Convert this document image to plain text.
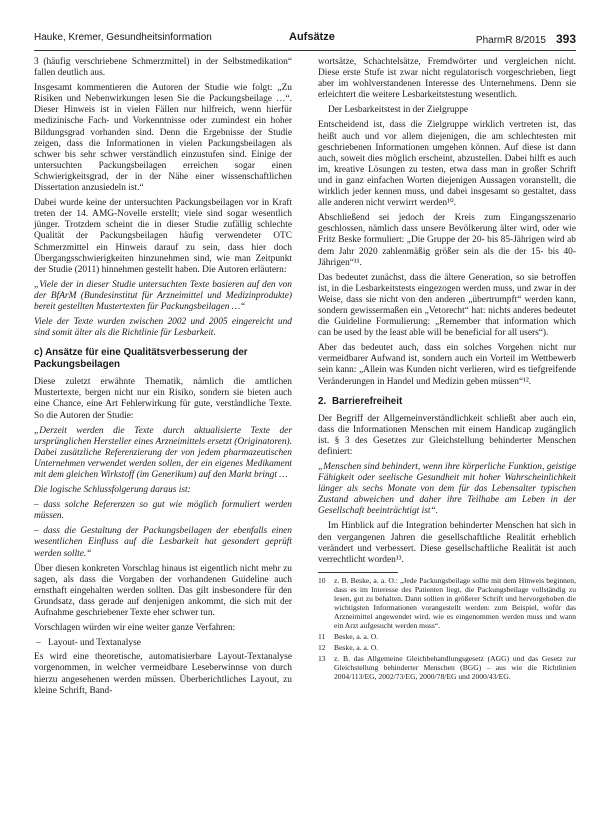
Hauke, Kremer, Gesundheitsinformation	Aufsätze	PharmR 8/2015 393

3 (häufig verschriebene Schmerzmittel) in der Selbstmedikation“ fallen deutlich aus.

Insgesamt kommentieren die Autoren der Studie wie folgt: „Zu Risiken und Nebenwirkungen lesen Sie die Packungsbeilage …“. Dieser Hinweis ist in vielen Fällen nur hilfreich, wenn hierfür medizinische Fach- und Vorkenntnisse oder zumindest ein hoher Bildungsgrad vorhanden sind. Denn die Ergebnisse der Studie zeigen, dass die Informationen in vielen Packungsbeilagen als schwer bis sehr schwer verständlich einzustufen sind. Einige der untersuchten Packungsbeilagen erreichen sogar einen Schwierigkeitsgrad, der in der Nähe einer wissenschaftlichen Dissertation anzusiedeln ist.“

Dabei wurde keine der untersuchten Packungsbeilagen vor in Kraft treten der 14. AMG-Novelle erstellt; viele sind sogar wesentlich jünger. Trotzdem scheint die in dieser Studie zufällig schlechte Qualität der Packungsbeilagen häufig verwendeter OTC Schmerzmittel ein Hinweis darauf zu sein, dass hier doch Übergangsschwierigkeiten hinzunehmen sind, wie man Zeitpunkt der Studie (2011) hinnehmen gestellt haben. Die Autoren erläutern:

„Viele der in dieser Studie untersuchten Texte basieren auf den von der BfArM (Bundesinstitut für Arzneimittel und Medizinprodukte) bereit gestellten Mustertexten für Packungsbeilagen …“

Viele der Texte wurden zwischen 2002 und 2005 eingereicht und sind somit älter als die Richtlinie für Lesbarkeit.

c) Ansätze für eine Qualitätsverbesserung der Packungsbeilagen

Diese zuletzt erwähnte Thematik, nämlich die amtlichen Mustertexte, bergen nicht nur ein Risiko, sondern sie bieten auch eine Chance, eine Art Fehlerwirkung für gute, verständliche Texte. So die Autoren der Studie:

„Derzeit werden die Texte durch aktualisierte Texte der ursprünglichen Hersteller eines Arzneimittels ersetzt (Originatoren). Dabei zusätzliche Referenzierung der von jedem pharmazeutischen Unternehmen verwendet werden sollen, der ein eigenes Medikament mit dem gleichen Wirkstoff (im Generikum) auf den Markt bringt …

Die logische Schlussfolgerung daraus ist:

– dass solche Referenzen so gut wie möglich formuliert werden müssen.

– dass die Gestaltung der Packungsbeilagen der ebenfalls einen wesentlichen Einfluss auf die Lesbarkeit hat gesondert geprüft werden sollte.“

Über diesen konkreten Vorschlag hinaus ist eigentlich nicht mehr zu sagen, als dass die Vorgaben der vorhandenen Guideline auch ernsthaft eingehalten werden sollten. Das gilt insbesondere für den Grundsatz, dass gerade auf denjenigen ankommt, die sich mit der Aufnahme geschriebener Texte eher schwer tun.

Vorschlagen würden wir eine weiter ganze Verfahren:

– Layout- und Textanalyse

Es wird eine theoretische, automatisierbare Layout-Textanalyse vorgenommen, in welcher vermeidbare Leseberwinnse von durch hierzu angesehenen werden müssen. Überberichtliches Layout, zu kleine Schrift, Band-

wortsätze, Schachtelsätze, Fremdwörter und vergleichen nicht. Diese erste Stufe ist zwar nicht regulatorisch vorgeschrieben, liegt aber im wohlverstandenen Interesse des Unternehmens. Denn sie erleichtert die weitere Lesbarkeitstestung wesentlich.

Der Lesbarkeitstest in der Zielgruppe

Entscheidend ist, dass die Zielgruppe wirklich vertreten ist, das heißt auch und vor allem diejenigen, die am schlechtesten mit geschriebenen Informationen umgehen können. Auf diese ist dann auch, soweit dies möglich erscheint, abzustellen. Dabei hilft es auch im, kreative Lösungen zu testen, etwa dass man in großer Schrift und in ganz einfachen Worten diejenigen Aussagen voranstellt, die wirklich jeder kennen muss, und dabei insgesamt so gestaltet, dass alle anderen nicht verwirrt werden¹⁰.

Abschließend sei jedoch der Kreis zum Eingangsszenario geschlossen, nämlich dass unsere Bevölkerung älter wird, oder wie Fritz Beske formuliert: „Die Gruppe der 20- bis 85-Jährigen wird ab dem Jahr 2020 zahlenmäßig größer sein als die der 15- bis 40-Jährigen“¹¹.

Das bedeutet zunächst, dass die ältere Generation, so sie betroffen ist, in die Lesbarkeitstests eingezogen werden muss, und zwar in der Weise, dass sie nicht von den anderen „übertrumpft“ werden kann, sondern gewissermaßen ein „Vetorecht“ hat: nichts anderes bedeutet die Guideline Formulierung: „Remember that information which can be used by the least able will be beneficial for all users“).

Aber das bedeutet auch, dass ein solches Vorgehen nicht nur vermeidbarer Aufwand ist, sondern auch ein Vorteil im Wettbewerb sein kann: „Allein was Kunden nicht verlieren, wird es tiefgreifende Veränderungen in Handel und Medizin geben müssen“¹².

2. Barrierefreiheit

Der Begriff der Allgemeinverständlichkeit schließt aber auch ein, dass die Informationen Menschen mit einem Handicap zugänglich ist. § 3 des Gesetzes zur Gleichstellung behinderter Menschen definiert:

„Menschen sind behindert, wenn ihre körperliche Funktion, geistige Fähigkeit oder seelische Gesundheit mit hoher Wahrscheinlichkeit länger als sechs Monate von dem für das Lebensalter typischen Zustand abweichen und daher ihre Teilhabe am Leben in der Gesellschaft beeinträchtigt ist“.

Im Hinblick auf die Integration behinderter Menschen hat sich in den vergangenen Jahren die gesellschaftliche Realität erheblich verändert und verbessert. Diese gesellschaftliche Realität ist auch verrechtlicht worden¹³.

10	z. B. Beske, a. a. O.: „Jede Packungsbeilage sollte mit dem Hinweis beginnen, dass es im Interesse des Patienten liegt, die Packungsbeilage vollständig zu lesen, gut zu behalten. Dann sollten in größerer Schrift und hervorgehoben die wichtigsten Informationen vorangestellt werden: zum Beispiel, wofür das Arzneimittel angewendet wird, wie es eingenommen werden muss und wann ein Arzt aufgesucht werden muss“.
11	Beske, a. a. O.
12	Beske, a. a. O.
13	z. B. das Allgemeine Gleichbehandlungsgesetz (AGG) und das Gesetz zur Gleichstellung behinderter Menschen (BGG) – aus wie die Richtlinien 2004/113/EG, 2002/73/EG, 2000/78/EG und 2000/43/EG.
